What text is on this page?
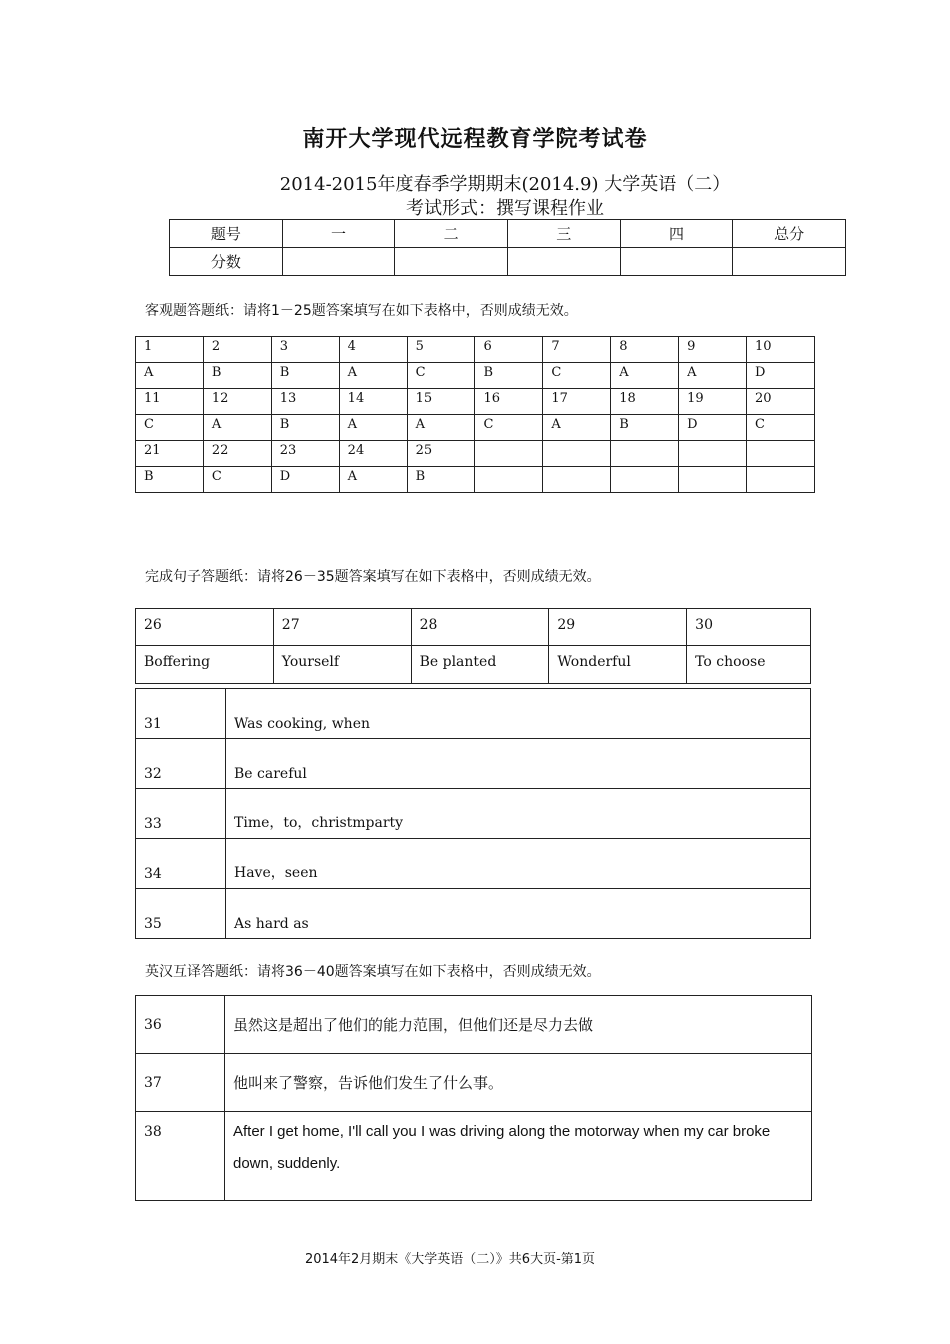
南开大学现代远程教育学院考试卷
2014-2015年度春季学期期末(2014.9) 大学英语（二）
考试形式：撰写课程作业
题号	一	二	三	四	总分
分数					
客观题答题纸：请将1－25题答案填写在如下表格中，否则成绩无效。
1	2	3	4	5	6	7	8	9	10
A	B	B	A	C	B	C	A	A	D
11	12	13	14	15	16	17	18	19	20
C	A	B	A	A	C	A	B	D	C
21	22	23	24	25					
B	C	D	A	B					
完成句子答题纸：请将26－35题答案填写在如下表格中，否则成绩无效。
26	27	28	29	30
Boffering	Yourself	Be planted	Wonderful	To choose
31	Was cooking, when
32	Be careful
33	Time，to，christmparty
34	Have，seen
35	As hard as
英汉互译答题纸：请将36－40题答案填写在如下表格中，否则成绩无效。
36	虽然这是超出了他们的能力范围，但他们还是尽力去做
37	他叫来了警察，告诉他们发生了什么事。
38	After I get home, I'll call you I was driving along the motorway when my car broke down, suddenly.
2014年2月期末《大学英语（二）》共6大页-第1页
